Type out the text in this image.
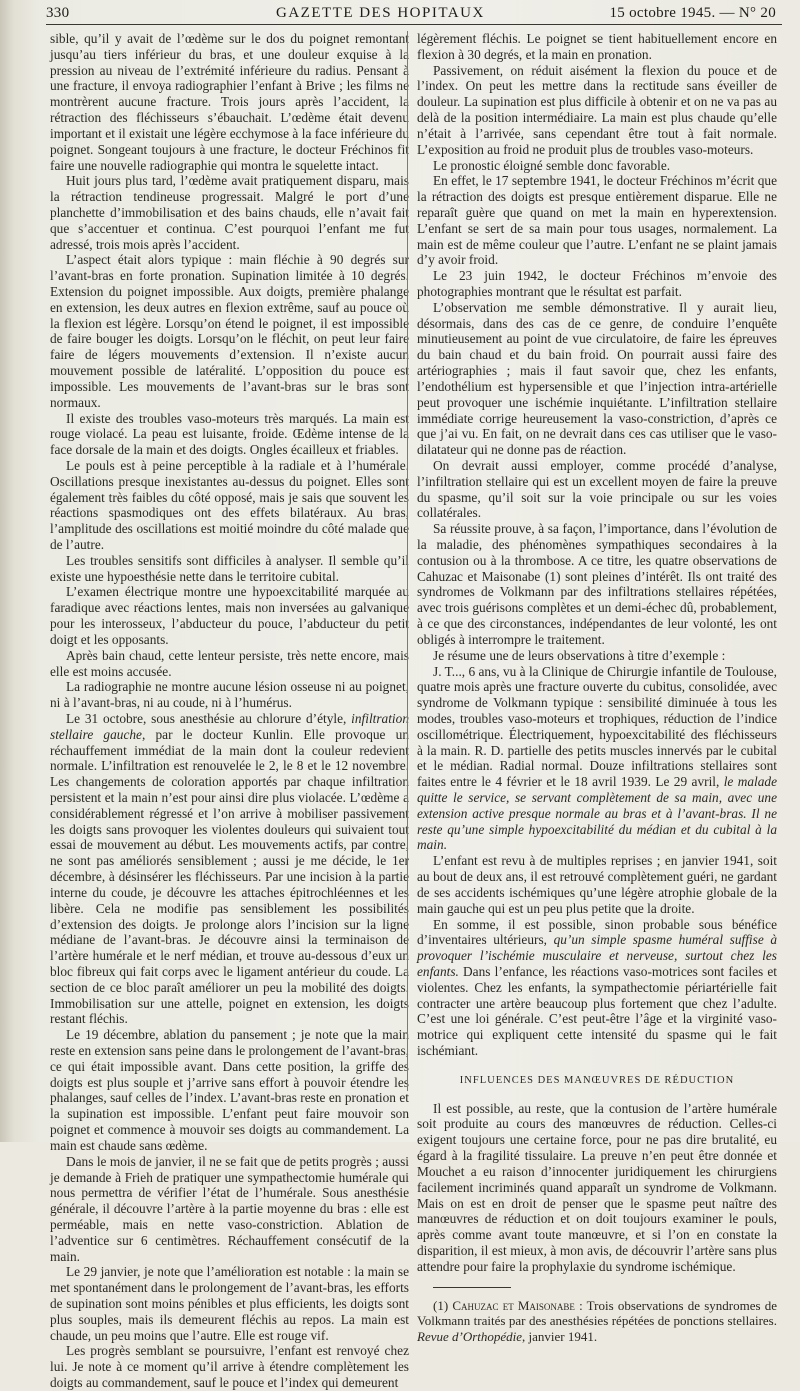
330	GAZETTE DES HOPITAUX	15 octobre 1945. — N° 20

sible, qu’il y avait de l’œdème sur le dos du poignet remontant jusqu’au tiers inférieur du bras, et une douleur exquise à la pression au niveau de l’extrémité inférieure du radius. Pensant à une fracture, il envoya radiographier l’enfant à Brive ; les films ne montrèrent aucune fracture. Trois jours après l’accident, la rétraction des fléchisseurs s’ébauchait. L’œdème était devenu important et il existait une légère ecchymose à la face inférieure du poignet. Songeant toujours à une fracture, le docteur Fréchinos fit faire une nouvelle radiographie qui montra le squelette intact.

Huit jours plus tard, l’œdème avait pratiquement disparu, mais la rétraction tendineuse progressait. Malgré le port d’une planchette d’immobilisation et des bains chauds, elle n’avait fait que s’accentuer et continua. C’est pourquoi l’enfant me fut adressé, trois mois après l’accident.

L’aspect était alors typique : main fléchie à 90 degrés sur l’avant-bras en forte pronation. Supination limitée à 10 degrés. Extension du poignet impossible. Aux doigts, première phalange en extension, les deux autres en flexion extrême, sauf au pouce où la flexion est légère. Lorsqu’on étend le poignet, il est impossible de faire bouger les doigts. Lorsqu’on le fléchit, on peut leur faire faire de légers mouvements d’extension. Il n’existe aucun mouvement possible de latéralité. L’opposition du pouce est impossible. Les mouvements de l’avant-bras sur le bras sont normaux.

Il existe des troubles vaso-moteurs très marqués. La main est rouge violacé. La peau est luisante, froide. Œdème intense de la face dorsale de la main et des doigts. Ongles écailleux et friables.

Le pouls est à peine perceptible à la radiale et à l’humérale. Oscillations presque inexistantes au-dessus du poignet. Elles sont également très faibles du côté opposé, mais je sais que souvent les réactions spasmodiques ont des effets bilatéraux. Au bras, l’amplitude des oscillations est moitié moindre du côté malade que de l’autre.

Les troubles sensitifs sont difficiles à analyser. Il semble qu’il existe une hypoesthésie nette dans le territoire cubital.

L’examen électrique montre une hypoexcitabilité marquée au faradique avec réactions lentes, mais non inversées au galvanique pour les interosseux, l’abducteur du pouce, l’abducteur du petit doigt et les opposants.

Après bain chaud, cette lenteur persiste, très nette encore, mais elle est moins accusée.

La radiographie ne montre aucune lésion osseuse ni au poignet, ni à l’avant-bras, ni au coude, ni à l’humérus.

Le 31 octobre, sous anesthésie au chlorure d’étyle, infiltration stellaire gauche, par le docteur Kunlin. Elle provoque un réchauffement immédiat de la main dont la couleur redevient normale. L’infiltration est renouvelée le 2, le 8 et le 12 novembre. Les changements de coloration apportés par chaque infiltration persistent et la main n’est pour ainsi dire plus violacée. L’œdème a considérablement régressé et l’on arrive à mobiliser passivement les doigts sans provoquer les violentes douleurs qui suivaient tout essai de mouvement au début. Les mouvements actifs, par contre, ne sont pas améliorés sensiblement ; aussi je me décide, le 1er décembre, à désinsérer les fléchisseurs. Par une incision à la partie interne du coude, je découvre les attaches épitrochléennes et les libère. Cela ne modifie pas sensiblement les possibilités d’extension des doigts. Je prolonge alors l’incision sur la ligne médiane de l’avant-bras. Je découvre ainsi la terminaison de l’artère humérale et le nerf médian, et trouve au-dessous d’eux un bloc fibreux qui fait corps avec le ligament antérieur du coude. La section de ce bloc paraît améliorer un peu la mobilité des doigts. Immobilisation sur une attelle, poignet en extension, les doigts restant fléchis.

Le 19 décembre, ablation du pansement ; je note que la main reste en extension sans peine dans le prolongement de l’avant-bras, ce qui était impossible avant. Dans cette position, la griffe des doigts est plus souple et j’arrive sans effort à pouvoir étendre les phalanges, sauf celles de l’index. L’avant-bras reste en pronation et la supination est impossible. L’enfant peut faire mouvoir son poignet et commence à mouvoir ses doigts au commandement. La main est chaude sans œdème.

Dans le mois de janvier, il ne se fait que de petits progrès ; aussi je demande à Frieh de pratiquer une sympathectomie humérale qui nous permettra de vérifier l’état de l’humérale. Sous anesthésie générale, il découvre l’artère à la partie moyenne du bras : elle est perméable, mais en nette vaso-constriction. Ablation de l’adventice sur 6 centimètres. Réchauffement consécutif de la main.

Le 29 janvier, je note que l’amélioration est notable : la main se met spontanément dans le prolongement de l’avant-bras, les efforts de supination sont moins pénibles et plus efficients, les doigts sont plus souples, mais ils demeurent fléchis au repos. La main est chaude, un peu moins que l’autre. Elle est rouge vif.

Les progrès semblant se poursuivre, l’enfant est renvoyé chez lui. Je note à ce moment qu’il arrive à étendre complètement les doigts au commandement, sauf le pouce et l’index qui demeurent

légèrement fléchis. Le poignet se tient habituellement encore en flexion à 30 degrés, et la main en pronation.

Passivement, on réduit aisément la flexion du pouce et de l’index. On peut les mettre dans la rectitude sans éveiller de douleur. La supination est plus difficile à obtenir et on ne va pas au delà de la position intermédiaire. La main est plus chaude qu’elle n’était à l’arrivée, sans cependant être tout à fait normale. L’exposition au froid ne produit plus de troubles vaso-moteurs.

Le pronostic éloigné semble donc favorable.

En effet, le 17 septembre 1941, le docteur Fréchinos m’écrit que la rétraction des doigts est presque entièrement disparue. Elle ne reparaît guère que quand on met la main en hyperextension. L’enfant se sert de sa main pour tous usages, normalement. La main est de même couleur que l’autre. L’enfant ne se plaint jamais d’y avoir froid.

Le 23 juin 1942, le docteur Fréchinos m’envoie des photographies montrant que le résultat est parfait.

L’observation me semble démonstrative. Il y aurait lieu, désormais, dans des cas de ce genre, de conduire l’enquête minutieusement au point de vue circulatoire, de faire les épreuves du bain chaud et du bain froid. On pourrait aussi faire des artériographies ; mais il faut savoir que, chez les enfants, l’endothélium est hypersensible et que l’injection intra-artérielle peut provoquer une ischémie inquiétante. L’infiltration stellaire immédiate corrige heureusement la vaso-constriction, d’après ce que j’ai vu. En fait, on ne devrait dans ces cas utiliser que le vaso-dilatateur qui ne donne pas de réaction.

On devrait aussi employer, comme procédé d’analyse, l’infiltration stellaire qui est un excellent moyen de faire la preuve du spasme, qu’il soit sur la voie principale ou sur les voies collatérales.

Sa réussite prouve, à sa façon, l’importance, dans l’évolution de la maladie, des phénomènes sympathiques secondaires à la contusion ou à la thrombose. A ce titre, les quatre observations de Cahuzac et Maisonabe (1) sont pleines d’intérêt. Ils ont traité des syndromes de Volkmann par des infiltrations stellaires répétées, avec trois guérisons complètes et un demi-échec dû, probablement, à ce que des circonstances, indépendantes de leur volonté, les ont obligés à interrompre le traitement.

Je résume une de leurs observations à titre d’exemple :

J. T..., 6 ans, vu à la Clinique de Chirurgie infantile de Toulouse, quatre mois après une fracture ouverte du cubitus, consolidée, avec syndrome de Volkmann typique : sensibilité diminuée à tous les modes, troubles vaso-moteurs et trophiques, réduction de l’indice oscillométrique. Électriquement, hypoexcitabilité des fléchisseurs à la main. R. D. partielle des petits muscles innervés par le cubital et le médian. Radial normal. Douze infiltrations stellaires sont faites entre le 4 février et le 18 avril 1939. Le 29 avril, le malade quitte le service, se servant complètement de sa main, avec une extension active presque normale au bras et à l’avant-bras. Il ne reste qu’une simple hypoexcitabilité du médian et du cubital à la main.

L’enfant est revu à de multiples reprises ; en janvier 1941, soit au bout de deux ans, il est retrouvé complètement guéri, ne gardant de ses accidents ischémiques qu’une légère atrophie globale de la main gauche qui est un peu plus petite que la droite.

En somme, il est possible, sinon probable sous bénéfice d’inventaires ultérieurs, qu’un simple spasme huméral suffise à provoquer l’ischémie musculaire et nerveuse, surtout chez les enfants. Dans l’enfance, les réactions vaso-motrices sont faciles et violentes. Chez les enfants, la sympathectomie périartérielle fait contracter une artère beaucoup plus fortement que chez l’adulte. C’est une loi générale. C’est peut-être l’âge et la virginité vaso-motrice qui expliquent cette intensité du spasme qui le fait ischémiant.

INFLUENCES DES MANŒUVRES DE RÉDUCTION

Il est possible, au reste, que la contusion de l’artère humérale soit produite au cours des manœuvres de réduction. Celles-ci exigent toujours une certaine force, pour ne pas dire brutalité, eu égard à la fragilité tissulaire. La preuve n’en peut être donnée et Mouchet a eu raison d’innocenter juridiquement les chirurgiens facilement incriminés quand apparaît un syndrome de Volkmann. Mais on est en droit de penser que le spasme peut naître des manœuvres de réduction et on doit toujours examiner le pouls, après comme avant toute manœuvre, et si l’on en constate la disparition, il est mieux, à mon avis, de découvrir l’artère sans plus attendre pour faire la prophylaxie du syndrome ischémique.

(1) Cahuzac et Maisonabe : Trois observations de syndromes de Volkmann traités par des anesthésies répétées de ponctions stellaires. Revue d’Orthopédie, janvier 1941.
